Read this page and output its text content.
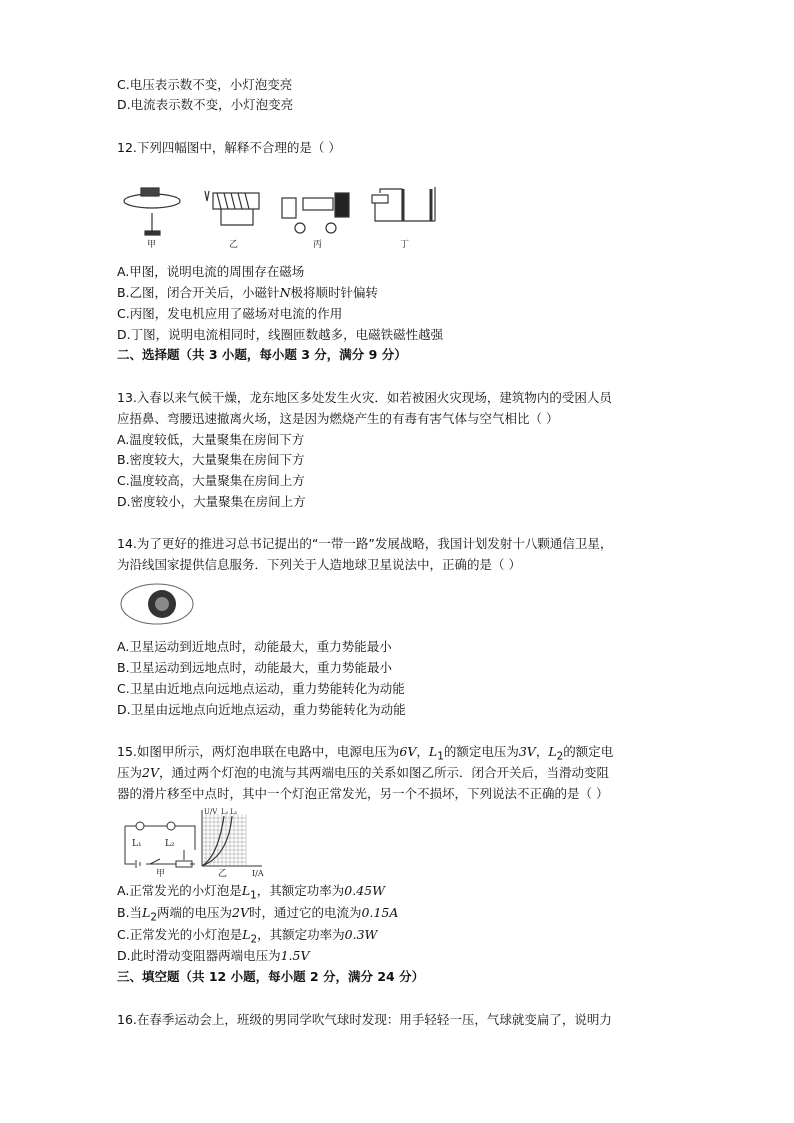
C.电压表示数不变，小灯泡变亮
D.电流表示数不变，小灯泡变亮
12.下列四幅图中，解释不合理的是（ ）
甲	乙	丙	丁
A.甲图，说明电流的周围存在磁场
B.乙图，闭合开关后，小磁针N极将顺时针偏转
C.丙图，发电机应用了磁场对电流的作用
D.丁图，说明电流相同时，线圈匝数越多，电磁铁磁性越强
二、选择题（共 3 小题，每小题 3 分，满分 9 分）
13.入春以来气候干燥，龙东地区多处发生火灾．如若被困火灾现场，建筑物内的受困人员
应捂鼻、弯腰迅速撤离火场，这是因为燃烧产生的有毒有害气体与空气相比（ ）
A.温度较低，大量聚集在房间下方
B.密度较大，大量聚集在房间下方
C.温度较高，大量聚集在房间上方
D.密度较小，大量聚集在房间上方
14.为了更好的推进习总书记提出的“一带一路”发展战略，我国计划发射十八颗通信卫星，
为沿线国家提供信息服务．下列关于人造地球卫星说法中，正确的是（ ）
A.卫星运动到近地点时，动能最大，重力势能最小
B.卫星运动到远地点时，动能最大，重力势能最小
C.卫星由近地点向远地点运动，重力势能转化为动能
D.卫星由远地点向近地点运动，重力势能转化为动能
15.如图甲所示，两灯泡串联在电路中，电源电压为6V，$L_1$的额定电压为3V，$L_2$的额定电
压为2V，通过两个灯泡的电流与其两端电压的关系如图乙所示．闭合开关后，当滑动变阻
器的滑片移至中点时，其中一个灯泡正常发光，另一个不损坏，下列说法不正确的是（ ）
L₁	L₂
甲	乙
U/V L₁ L₂
I/A
A.正常发光的小灯泡是$L_1$，其额定功率为0.45W
B.当$L_2$两端的电压为2V时，通过它的电流为0.15A
C.正常发光的小灯泡是$L_2$，其额定功率为0.3W
D.此时滑动变阻器两端电压为1.5V
三、填空题（共 12 小题，每小题 2 分，满分 24 分）
16.在春季运动会上，班级的男同学吹气球时发现：用手轻轻一压，气球就变扁了，说明力
